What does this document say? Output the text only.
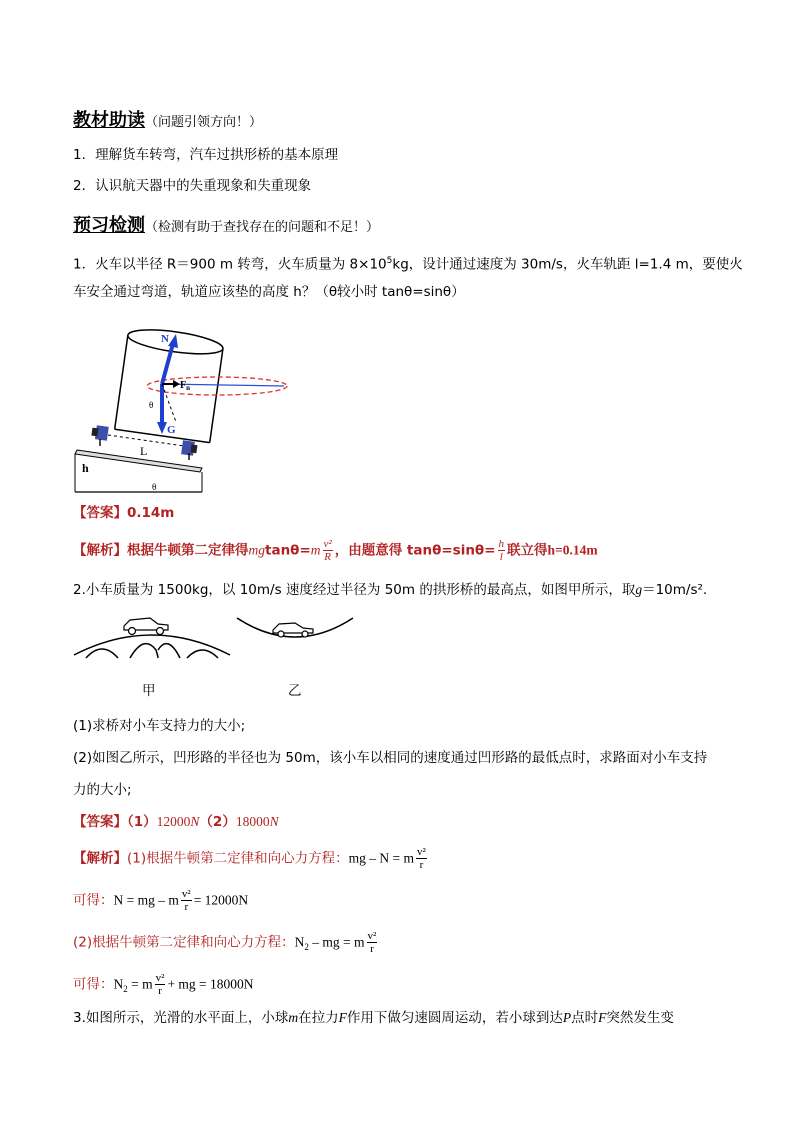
教材助读（问题引领方向！）
1．理解货车转弯，汽车过拱形桥的基本原理
2．认识航天器中的失重现象和失重现象
预习检测（检测有助于查找存在的问题和不足！）
1．火车以半径 R＝900 m 转弯，火车质量为 $8\times 10^5kg$，设计通过速度为 30m/s，火车轨距 l=1.4 m，要使火
车安全通过弯道，轨道应该垫的高度 h？（θ较小时 tanθ=sinθ）
N
$F_n$
θ
G
L
h
θ
【答案】0.14m
【解析】根据牛顿第二定律得$mgtan\theta=m \frac{\text{v²}}{R}$ ，由题意得 $\tan\theta=\sin\theta= \frac{h}{l}$ 联立得h=0.14m
2.小车质量为 1500kg，以 10m/s 速度经过半径为 50m 的拱形桥的最高点，如图甲所示，取g＝10m/s².
甲	乙
(1)求桥对小车支持力的大小;
(2)如图乙所示，凹形路的半径也为 50m，该小车以相同的速度通过凹形路的最低点时，求路面对小车支持
力的大小;
【答案】（1）12000N（2）18000N
【解析】(1)根据牛顿第二定律和向心力方程：mg – N = m $\frac{\text{v²}}{r}$
可得：N = mg – m $\frac{\text{v²}}{r} = 12000N$
(2)根据牛顿第二定律和向心力方程：$N_2$ – mg = m $\frac{\text{v²}}{r}$
可得：$N_2 = m \frac{\text{v²}}{r}$ + mg = 18000N
3.如图所示，光滑的水平面上，小球m在拉力F作用下做匀速圆周运动，若小球到达P点时F突然发生变
